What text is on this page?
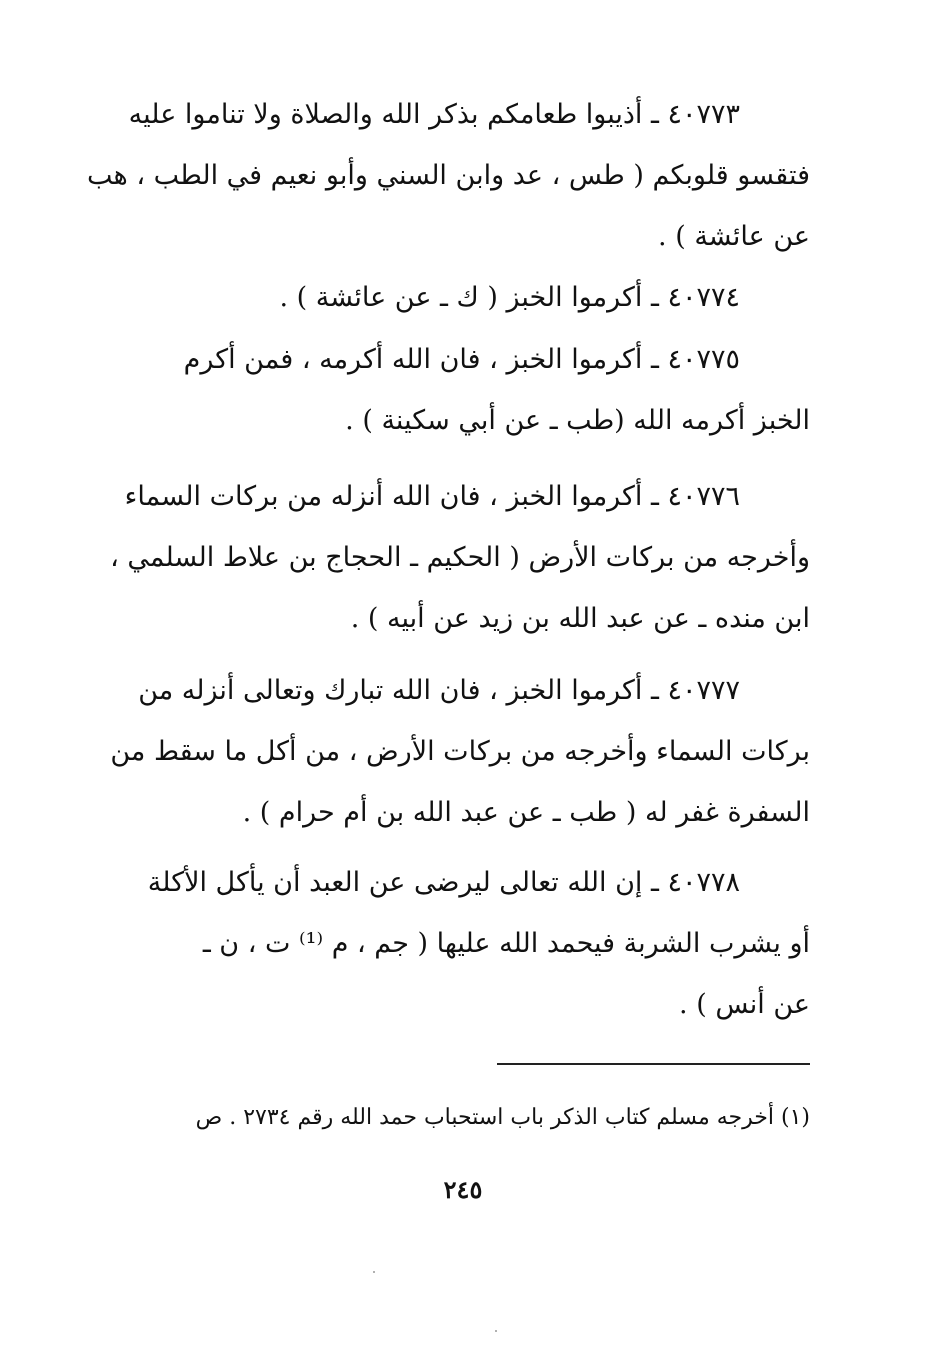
٤٠٧٧٣ ـ أذيبوا طعامكم بذكر الله والصلاة ولا تناموا عليه
فتقسو قلوبكم ( طس ، عد وابن السني وأبو نعيم في الطب ، هب
عن عائشة ) .
٤٠٧٧٤ ـ أكرموا الخبز ( ك ـ عن عائشة ) .
٤٠٧٧٥ ـ أكرموا الخبز ، فان الله أكرمه ، فمن أكرم
الخبز أكرمه الله (طب ـ عن أبي سكينة ) .
٤٠٧٧٦ ـ أكرموا الخبز ، فان الله أنزله من بركات السماء
وأخرجه من بركات الأرض ( الحكيم ـ الحجاج بن علاط السلمي ،
ابن منده ـ عن عبد الله بن زيد عن أبيه ) .
٤٠٧٧٧ ـ أكرموا الخبز ، فان الله تبارك وتعالى أنزله من
بركات السماء وأخرجه من بركات الأرض ، من أكل ما سقط من
السفرة غفر له ( طب ـ عن عبد الله بن أم حرام ) .
٤٠٧٧٨ ـ إن الله تعالى ليرضى عن العبد أن يأكل الأكلة
أو يشرب الشربة فيحمد الله عليها ( جم ، م ⁽¹⁾ ت ، ن ـ
عن أنس ) .
(١) أخرجه مسلم كتاب الذكر باب استحباب حمد الله رقم ٢٧٣٤ . ص
٢٤٥
